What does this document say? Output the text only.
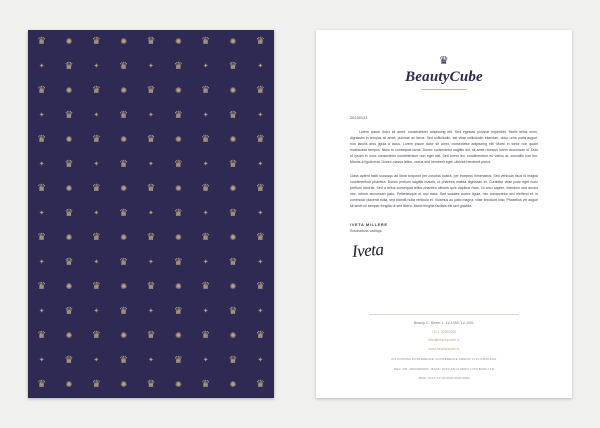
♛ ✺ ♛ ✺ ♛ ✺ ♛ ✺ ♛
✦ ♛	✦ ♛	✦ ♛	✦ ♛	✦
♛ ✺ ♛ ✺ ♛ ✺ ♛ ✺ ♛
✦ ♛	✦ ♛	✦ ♛	✦ ♛	✦
♛ ✺ ♛ ✺ ♛ ✺ ♛ ✺ ♛
✦ ♛	✦ ♛	✦ ♛	✦ ♛	✦
♛ ✺ ♛ ✺ ♛ ✺ ♛ ✺ ♛
✦ ♛	✦ ♛	✦ ♛	✦ ♛	✦
♛ ✺ ♛ ✺ ♛ ✺ ♛ ✺ ♛
✦ ♛	✦ ♛	✦ ♛	✦ ♛	✦
♛ ✺ ♛ ✺ ♛ ✺ ♛ ✺ ♛
✦ ♛	✦ ♛	✦ ♛	✦ ♛	✦
♛ ✺ ♛ ✺ ♛ ✺ ♛ ✺ ♛
✦ ♛	✦ ♛	✦ ♛	✦ ♛	✦
♛ ✺ ♛ ✺ ♛ ✺ ♛ ✺ ♛
♛
BeautyCube
20130123

Lorem ipsum dolor sit amet, consectetuer adipiscing elit. Sed egestas pulvinar imperdiet. Morbi tellus enim, dignissim in tempus sit amet, pulvinar ac lacus. Sed sollicitudin, est vitae sollicitudin interdum, dolor urna porta augue, non iaculis arcu ligula a lacus. Lorem ipsum dolor sit amet, consectetur adipiscing elit. Morbi in tortor non quam malesuada tempus. Nunc in consequat lacus. Donec consectetur sagittis dui, sit amet rhoncus lorem accumsan id. Duis ut ipsum in nunc consectetur condimentum non eget nisl. Sed lorem leo, condimentum eu varius at, convallis non leo. Mauris a ligula erat. Donec massa tellus, varius sed hendrerit eget, ultrices hendrerit purus.

Class aptent taciti sociosqu ad litora torquent per conubia nostra, per inceptos himenaeos. Sed vehicula risus id magna condimentum pharetra. Donec pretium sagittis mauris, ut pharetra massa dignissim et. Curabitur vitae justo eget nunc pretium lobortis. Sed a tellus consequat tellus pharetra ultrices quis dapibus risus. Ut arcu sapien, interdum sed auctor nec, rutrum accumsan justo. Pellentesque et orci dolor. Sed sodales auctor ligula, nec consectetur orci eleifend et, in commodo placerat nulla, sed blandit nulla vehicula et. Vivamus ac justo magna, vitae tincidunt odio. Phasellus vel augue sit amet mi semper fringilla ut sed libero. Morbi fringilla facilisis elit sed gravida.

IVETA MILLERE
Rotolsalona vaditaja
Iveta
Beauty C. Street 1, LV-1050, LV-1001
+371 20000000
info@beautycube.lv
www.beautycube.lv
A/S FINANSU KONFERENCE ICONFERENCE CREDIT: LVXL RIZXLZ12L
REG. NR. 40003000000 · BANK: LVXX AB LV DEPO LVXX BANK LTD
IBAN: LVXX-XX-00 0000 0000 0000
